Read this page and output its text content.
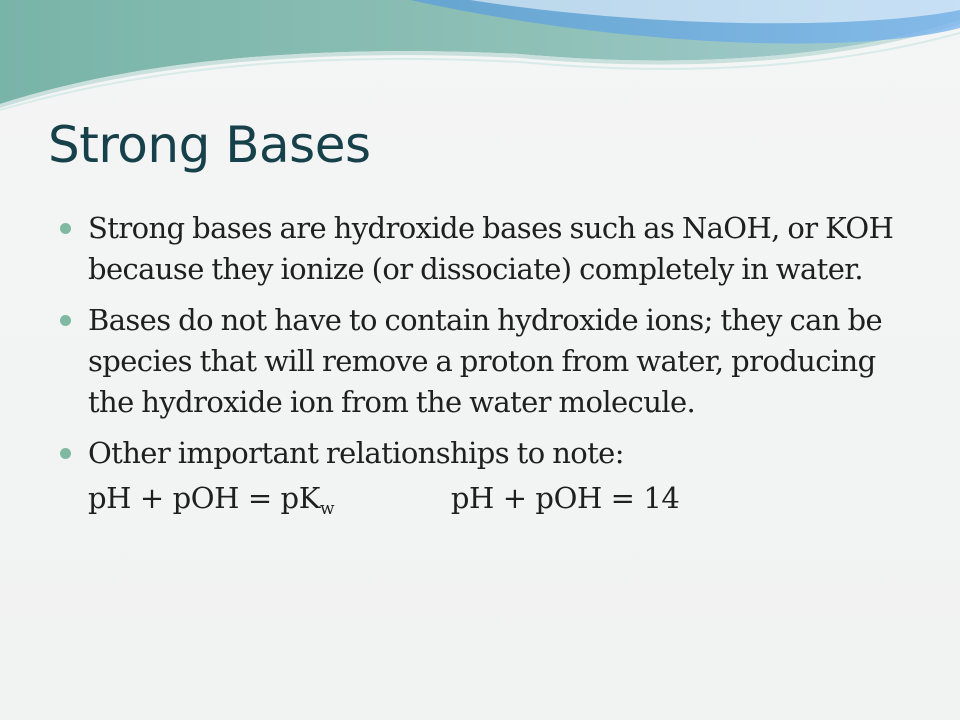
Strong Bases
Strong bases are hydroxide bases such as NaOH, or KOH because they ionize (or dissociate) completely in water.
Bases do not have to contain hydroxide ions; they can be species that will remove a proton from water, producing the hydroxide ion from the water molecule.
Other important relationships to note:
pH + pOH = $pK_w$	pH + pOH = 14
